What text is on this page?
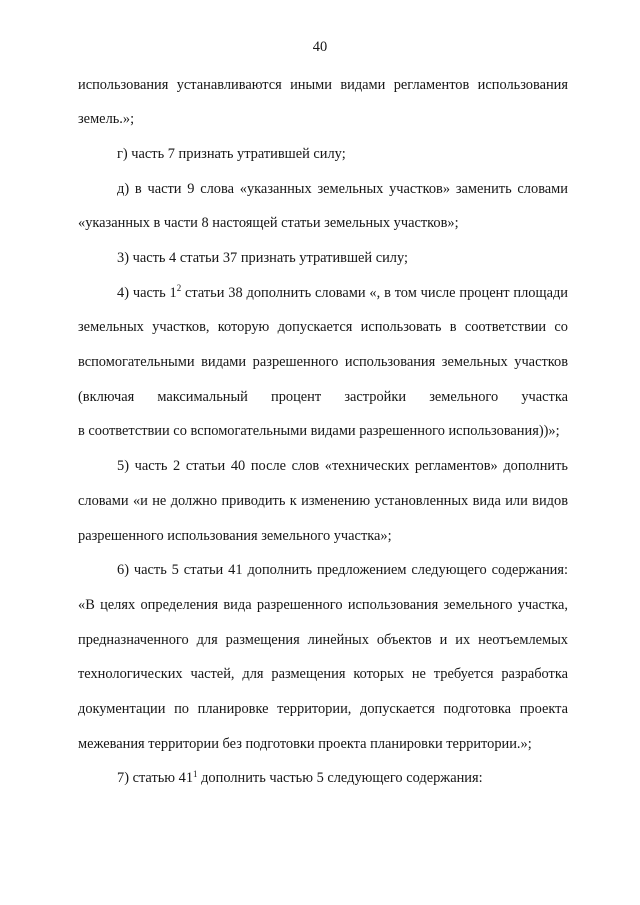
40
использования устанавливаются иными видами регламентов использования
земель.»;
г) часть 7 признать утратившей силу;
д) в части 9 слова «указанных земельных участков» заменить словами
«указанных в части 8 настоящей статьи земельных участков»;
3) часть 4 статьи 37 признать утратившей силу;
4) часть $1^2$ статьи 38 дополнить словами «, в том числе процент площади
земельных участков, которую допускается использовать в соответствии со
вспомогательными видами разрешенного использования земельных участков
(включая максимальный процент застройки земельного участка
в соответствии со вспомогательными видами разрешенного использования))»;
5) часть 2 статьи 40 после слов «технических регламентов» дополнить
словами «и не должно приводить к изменению установленных вида или видов
разрешенного использования земельного участка»;
6) часть 5 статьи 41 дополнить предложением следующего содержания:
«В целях определения вида разрешенного использования земельного участка,
предназначенного для размещения линейных объектов и их неотъемлемых
технологических частей, для размещения которых не требуется разработка
документации по планировке территории, допускается подготовка проекта
межевания территории без подготовки проекта планировки территории.»;
7) статью $41^1$ дополнить частью 5 следующего содержания:
